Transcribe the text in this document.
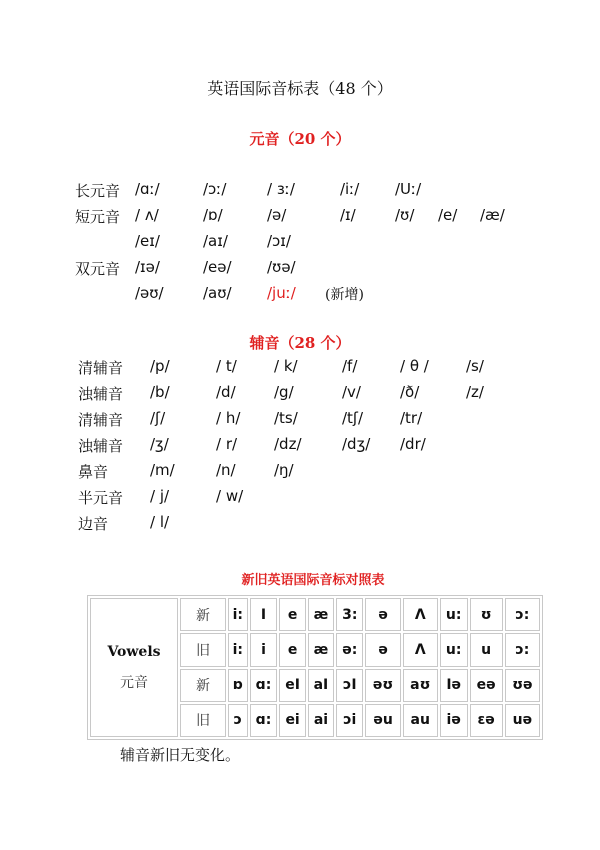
英语国际音标表（48 个）
元音（20 个）
长元音 /ɑː/	/ɔː/	/ ɜː/	/iː/ /Uː/
短元音 / ʌ/	/ɒ/	/ə/	/ɪ/	/ʊ/ /e/ /æ/
/eɪ/	/aɪ/	/ɔɪ/
双元音 /ɪə/	/eə/ /ʊə/
/əʊ/	/aʊ/ /juː/ (新增)
辅音（28 个）
清辅音 /p/	/ t/ / k/	/f/	/ θ / /s/
浊辅音 /b/	/d/	/g/	/v/	/ð/	/z/
清辅音 /ʃ/	/ h/ /ts/	/tʃ/ /tr/
浊辅音 /ʒ/	/ r/ /dz/	/dʒ/ /dr/
鼻音	/m/	/n/	/ŋ/
半元音 / j/	/ w/
边音	/ l/
新旧英语国际音标对照表
Vowels
元音	新	i:	I	e	æ	3:	ə	Λ	u:	ʊ	ɔ:
	旧	i:	i	e	æ	ə:	ə	Λ	u:	u	ɔ:
	新	ɒ	ɑ:	eI	aI	ɔI	əʊ	aʊ	Iə	eə	ʊə
	旧	ɔ	ɑ:	ei	ai	ɔi	əu	au	iə	ɛə	uə
辅音新旧无变化。
